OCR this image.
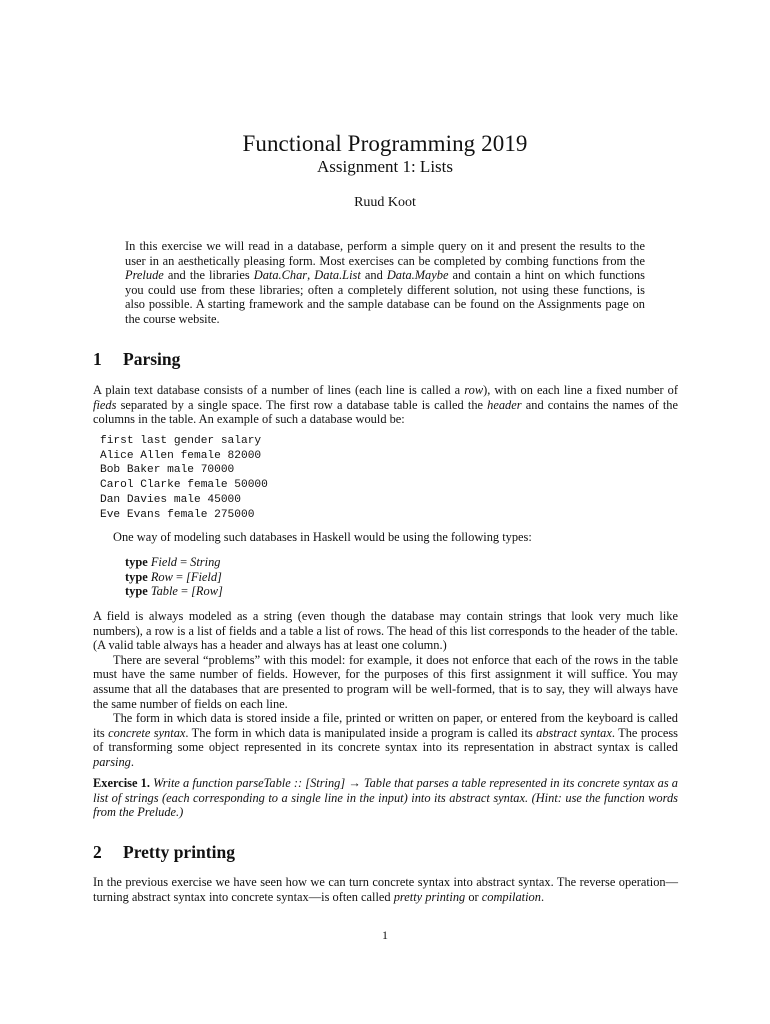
Functional Programming 2019
Assignment 1: Lists
Ruud Koot
In this exercise we will read in a database, perform a simple query on it and present the results to the user in an aesthetically pleasing form. Most exercises can be completed by combing functions from the Prelude and the libraries Data.Char, Data.List and Data.Maybe and contain a hint on which functions you could use from these libraries; often a completely different solution, not using these functions, is also possible. A starting framework and the sample database can be found on the Assignments page on the course website.
1 Parsing
A plain text database consists of a number of lines (each line is called a row), with on each line a fixed number of fieds separated by a single space. The first row a database table is called the header and contains the names of the columns in the table. An example of such a database would be:
first last gender salary
Alice Allen female 82000
Bob Baker male 70000
Carol Clarke female 50000
Dan Davies male 45000
Eve Evans female 275000
One way of modeling such databases in Haskell would be using the following types:
type Field = String
type Row = [Field]
type Table = [Row]
A field is always modeled as a string (even though the database may contain strings that look very much like numbers), a row is a list of fields and a table a list of rows. The head of this list corresponds to the header of the table. (A valid table always has a header and always has at least one column.)
There are several “problems” with this model: for example, it does not enforce that each of the rows in the table must have the same number of fields. However, for the purposes of this first assignment it will suffice. You may assume that all the databases that are presented to program will be well-formed, that is to say, they will always have the same number of fields on each line.
The form in which data is stored inside a file, printed or written on paper, or entered from the keyboard is called its concrete syntax. The form in which data is manipulated inside a program is called its abstract syntax. The process of transforming some object represented in its concrete syntax into its representation in abstract syntax is called parsing.
Exercise 1. Write a function parseTable :: [String] → Table that parses a table represented in its concrete syntax as a list of strings (each corresponding to a single line in the input) into its abstract syntax. (Hint: use the function words from the Prelude.)
2 Pretty printing
In the previous exercise we have seen how we can turn concrete syntax into abstract syntax. The reverse operation—turning abstract syntax into concrete syntax—is often called pretty printing or compilation.
1
